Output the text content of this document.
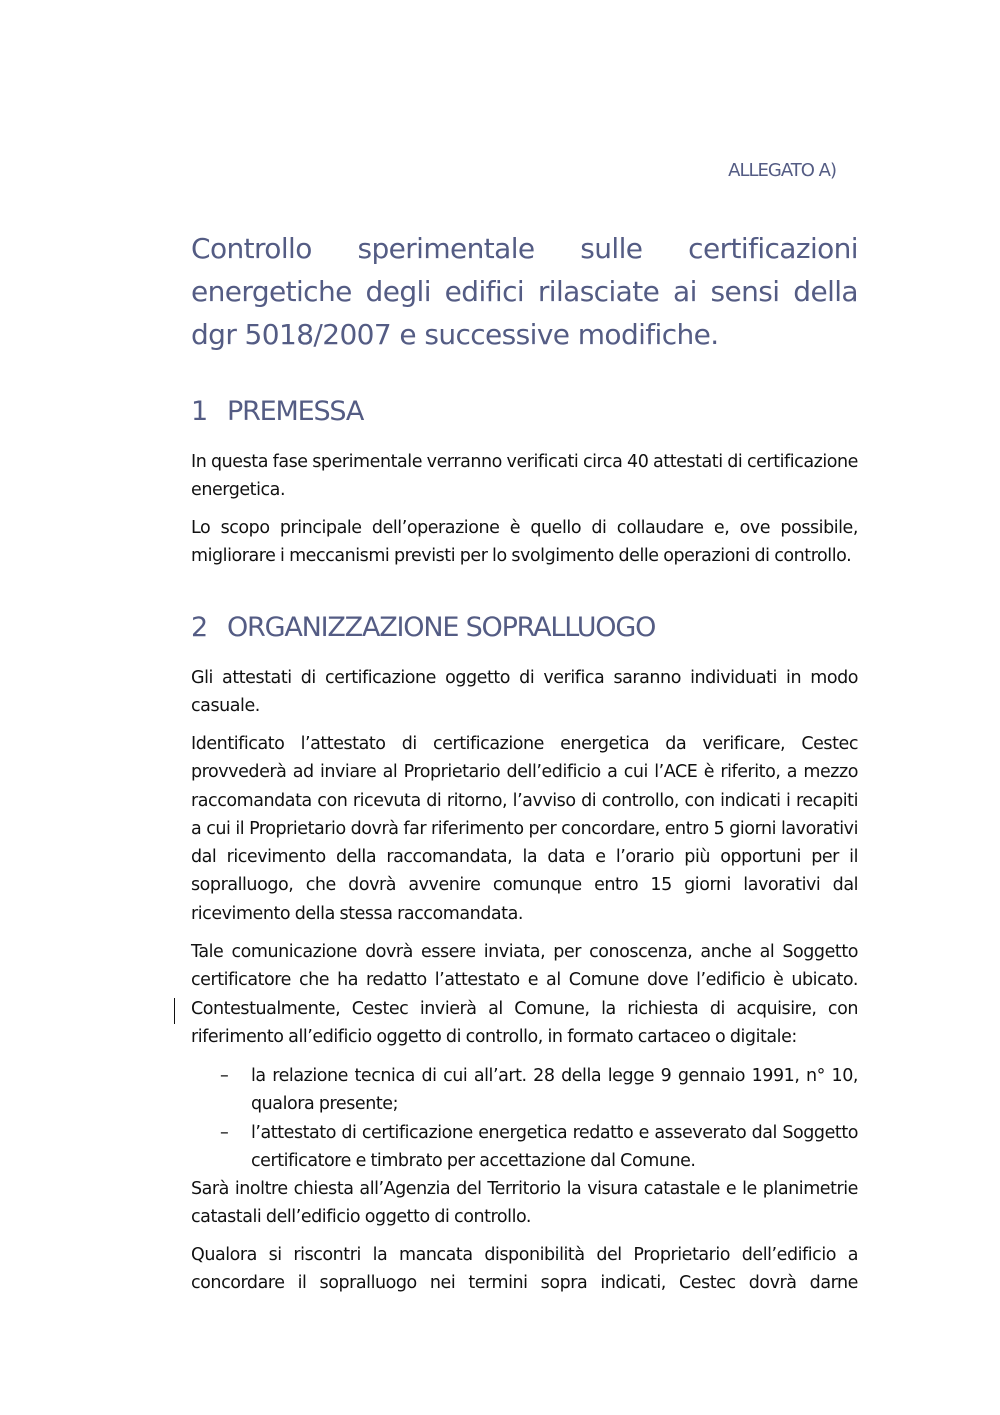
ALLEGATO A)
Controllo sperimentale sulle certificazioni energetiche degli edifici rilasciate ai sensi della dgr 5018/2007 e successive modifiche.
1 PREMESSA

In questa fase sperimentale verranno verificati circa 40 attestati di certificazione energetica.

Lo scopo principale dell’operazione è quello di collaudare e, ove possibile, migliorare i meccanismi previsti per lo svolgimento delle operazioni di controllo.

2 ORGANIZZAZIONE SOPRALLUOGO

Gli attestati di certificazione oggetto di verifica saranno individuati in modo casuale.

Identificato l’attestato di certificazione energetica da verificare, Cestec provvederà ad inviare al Proprietario dell’edificio a cui l’ACE è riferito, a mezzo raccomandata con ricevuta di ritorno, l’avviso di controllo, con indicati i recapiti a cui il Proprietario dovrà far riferimento per concordare, entro 5 giorni lavorativi dal ricevimento della raccomandata, la data e l’orario più opportuni per il sopralluogo, che dovrà avvenire comunque entro 15 giorni lavorativi dal ricevimento della stessa raccomandata.

Tale comunicazione dovrà essere inviata, per conoscenza, anche al Soggetto certificatore che ha redatto l’attestato e al Comune dove l’edificio è ubicato. Contestualmente, Cestec invierà al Comune, la richiesta di acquisire, con riferimento all’edificio oggetto di controllo, in formato cartaceo o digitale:

– la relazione tecnica di cui all’art. 28 della legge 9 gennaio 1991, n° 10, qualora presente;

– l’attestato di certificazione energetica redatto e asseverato dal Soggetto certificatore e timbrato per accettazione dal Comune.

Sarà inoltre chiesta all’Agenzia del Territorio la visura catastale e le planimetrie catastali dell’edificio oggetto di controllo.

Qualora si riscontri la mancata disponibilità del Proprietario dell’edificio a concordare il sopralluogo nei termini sopra indicati, Cestec dovrà darne
